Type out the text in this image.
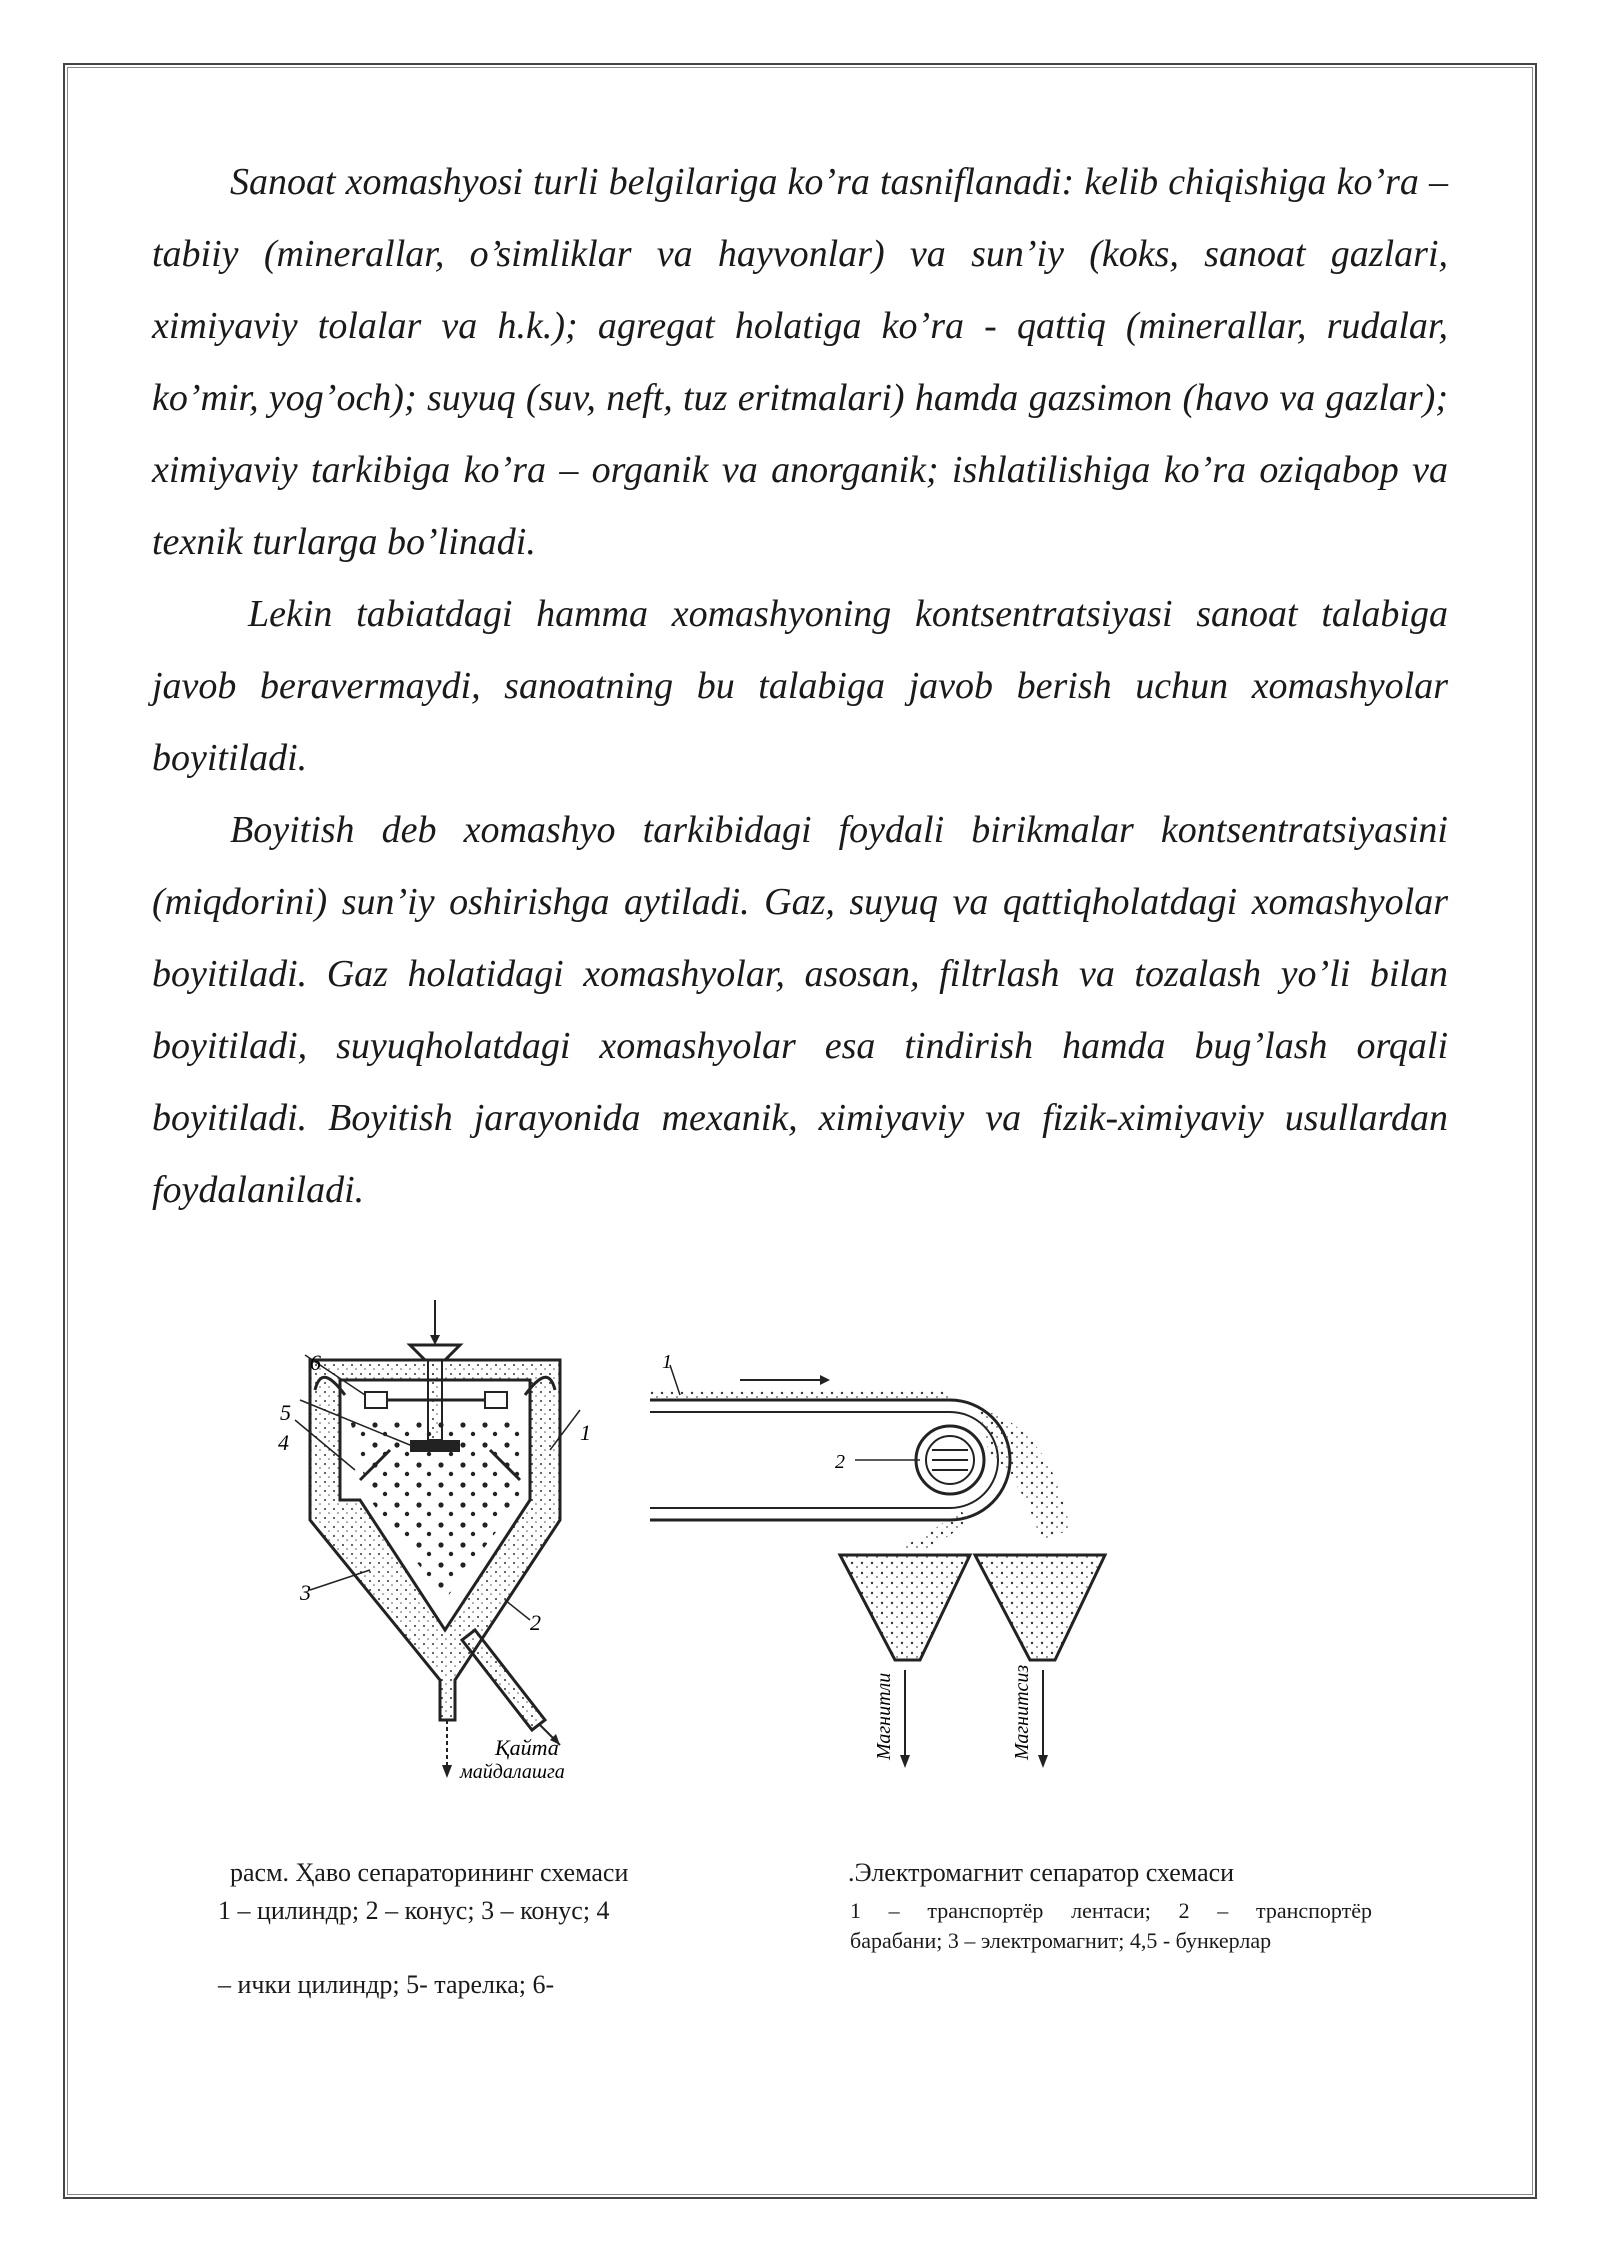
Sanoat xomashyosi turli belgilariga ko’ra tasniflanadi: kelib chiqishiga ko’ra – tabiiy (minerallar, o’simliklar va hayvonlar) va sun’iy (koks, sanoat gazlari, ximiyaviy tolalar va h.k.); agregat holatiga ko’ra - qattiq (minerallar, rudalar, ko’mir, yog’och); suyuq (suv, neft, tuz eritmalari) hamda gazsimon (havo va gazlar); ximiyaviy tarkibiga ko’ra – organik va anorganik; ishlatilishiga ko’ra oziqabop va texnik turlarga bo’linadi.

Lekin tabiatdagi hamma xomashyoning kontsentratsiyasi sanoat talabiga javob beravermaydi, sanoatning bu talabiga javob berish uchun xomashyolar boyitiladi.

Boyitish deb xomashyo tarkibidagi foydali birikmalar kontsentratsiyasini (miqdorini) sun’iy oshirishga aytiladi. Gaz, suyuq va qattiqholatdagi xomashyolar boyitiladi. Gaz holatidagi xomashyolar, asosan, filtrlash va tozalash yo’li bilan boyitiladi, suyuqholatdagi xomashyolar esa tindirish hamda bug’lash orqali boyitiladi. Boyitish jarayonida mexanik, ximiyaviy va fizik-ximiyaviy usullardan foydalaniladi.

6
5
4
3
1
2
Қайта
майдалашга
1
2
Магнитли	Магнитсиз
расм. Ҳаво сепараторининг схемаси
1 – цилиндр; 2 – конус; 3 – конус; 4
– ички цилиндр; 5- тарелка; 6-
.Электромагнит сепаратор схемаси
1 – транспортёр лентаси; 2 – транспортёр
барабани; 3 – электромагнит; 4,5 - бункерлар
